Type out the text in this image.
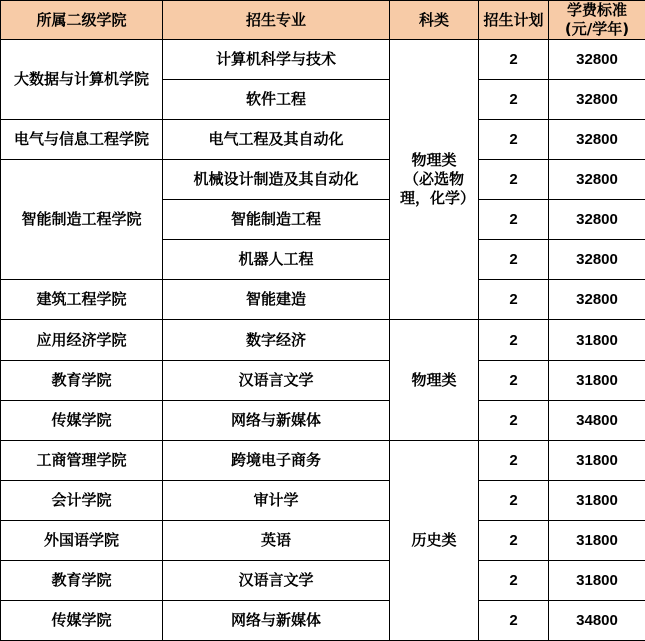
所属二级学院	招生专业	科类	招生计划	学费标准
(元/学年)
大数据与计算机学院	计算机科学与技术	物理类（必选物理，化学）	2	32800
	软件工程		2	32800
电气与信息工程学院	电气工程及其自动化		2	32800
智能制造工程学院	机械设计制造及其自动化		2	32800
	智能制造工程		2	32800
	机器人工程		2	32800
建筑工程学院	智能建造		2	32800
应用经济学院	数字经济	物理类	2	31800
教育学院	汉语言文学		2	31800
传媒学院	网络与新媒体		2	34800
工商管理学院	跨境电子商务	历史类	2	31800
会计学院	审计学		2	31800
外国语学院	英语		2	31800
教育学院	汉语言文学		2	31800
传媒学院	网络与新媒体		2	34800
